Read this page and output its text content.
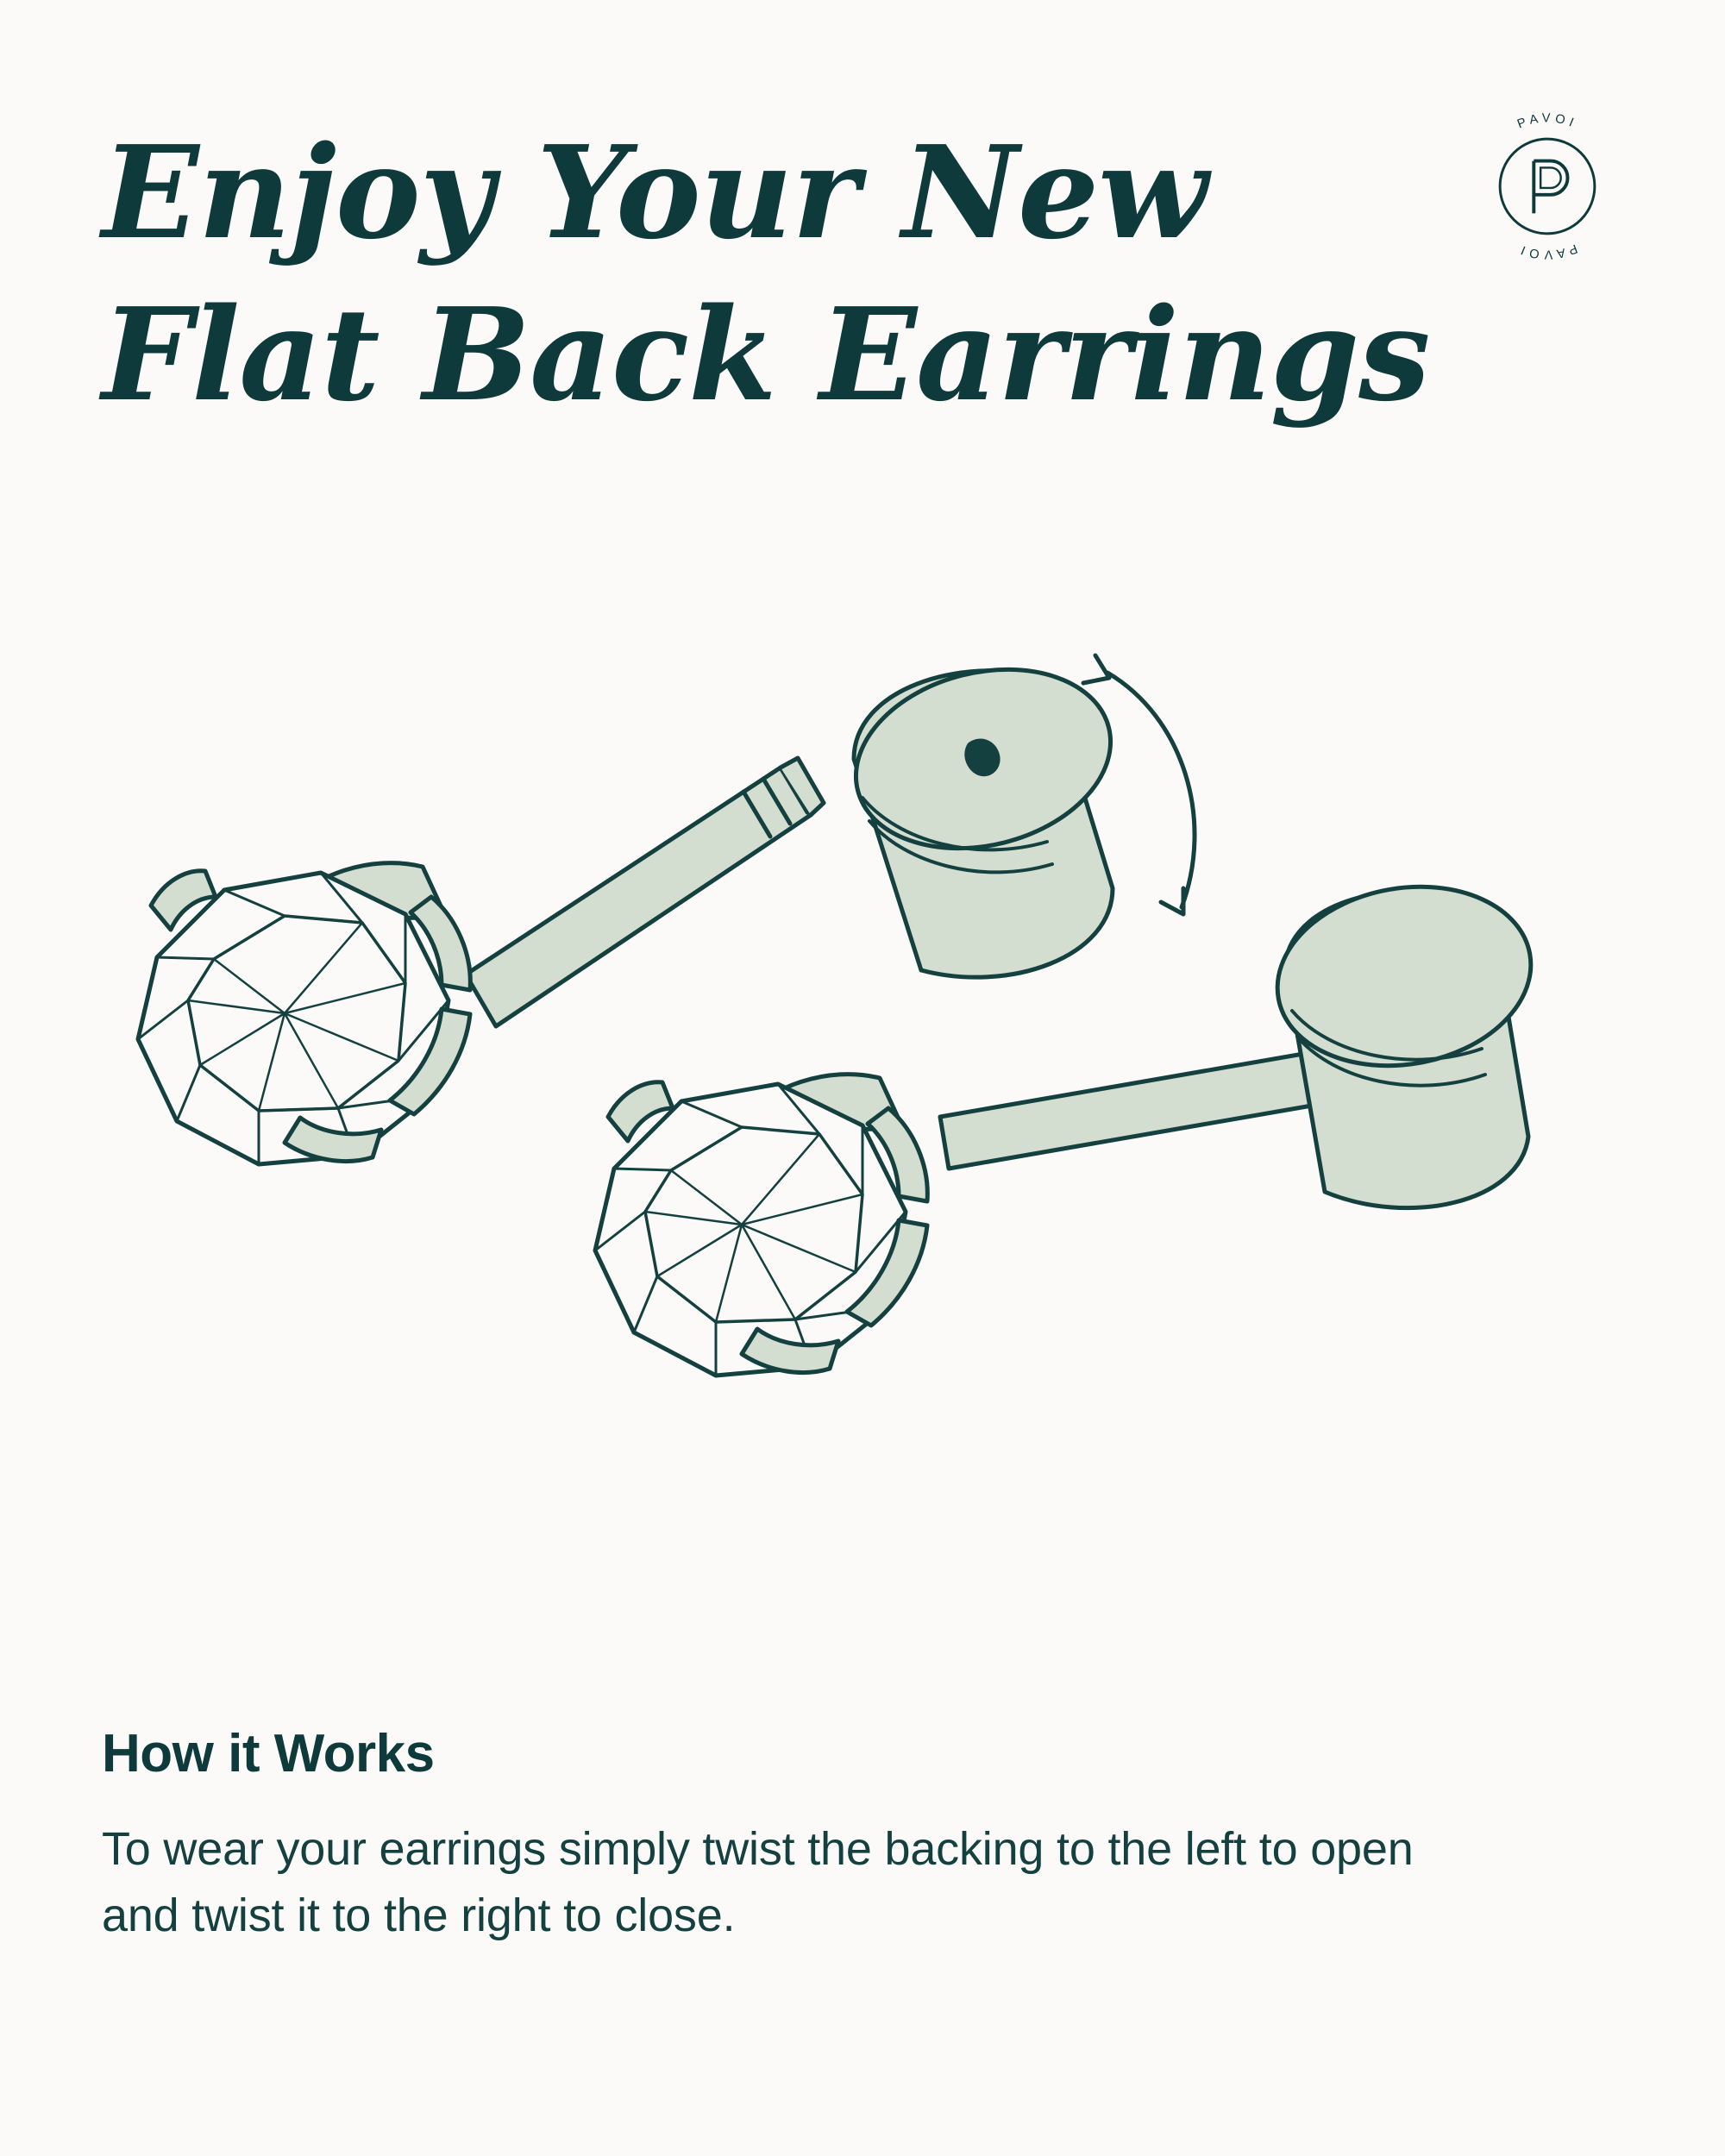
Enjoy Your New
Flat Back Earrings
PAVOI
PAVOI
How it Works

To wear your earrings simply twist the backing to the left to open and twist it to the right to close.
